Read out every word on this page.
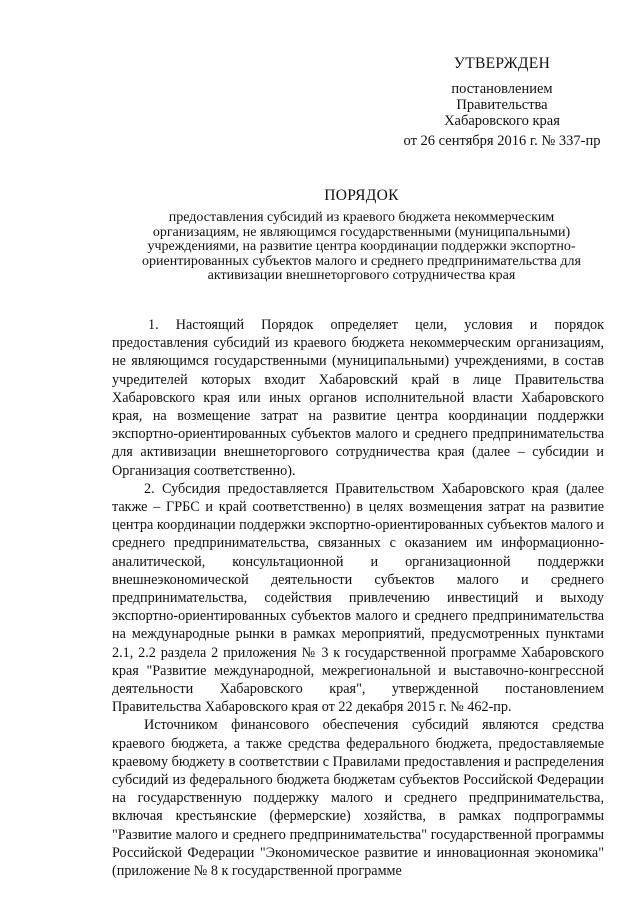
УТВЕРЖДЕН
постановлением
Правительства
Хабаровского края
от 26 сентября 2016 г. № 337-пр
ПОРЯДОК
предоставления субсидий из краевого бюджета некоммерческим организациям, не являющимся государственными (муниципальными) учреждениями, на развитие центра координации поддержки экспортно-ориентированных субъектов малого и среднего предпринимательства для активизации внешнеторгового сотрудничества края

1. Настоящий Порядок определяет цели, условия и порядок предоставления субсидий из краевого бюджета некоммерческим организациям, не являющимся государственными (муниципальными) учреждениями, в состав учредителей которых входит Хабаровский край в лице Правительства Хабаровского края или иных органов исполнительной власти Хабаровского края, на возмещение затрат на развитие центра координации поддержки экспортно-ориентированных субъектов малого и среднего предпринимательства для активизации внешнеторгового сотрудничества края (далее – субсидии и Организация соответственно).

2. Субсидия предоставляется Правительством Хабаровского края (далее также – ГРБС и край соответственно) в целях возмещения затрат на развитие центра координации поддержки экспортно-ориентированных субъектов малого и среднего предпринимательства, связанных с оказанием им информационно-аналитической, консультационной и организационной поддержки внешнеэкономической деятельности субъектов малого и среднего предпринимательства, содействия привлечению инвестиций и выходу экспортно-ориентированных субъектов малого и среднего предпринимательства на международные рынки в рамках мероприятий, предусмотренных пунктами 2.1, 2.2 раздела 2 приложения № 3 к государственной программе Хабаровского края "Развитие международной, межрегиональной и выставочно-конгрессной деятельности Хабаровского края", утвержденной постановлением Правительства Хабаровского края от 22 декабря 2015 г. № 462-пр.

Источником финансового обеспечения субсидий являются средства краевого бюджета, а также средства федерального бюджета, предоставляемые краевому бюджету в соответствии с Правилами предоставления и распределения субсидий из федерального бюджета бюджетам субъектов Российской Федерации на государственную поддержку малого и среднего предпринимательства, включая крестьянские (фермерские) хозяйства, в рамках подпрограммы "Развитие малого и среднего предпринимательства" государственной программы Российской Федерации "Экономическое развитие и инновационная экономика" (приложение № 8 к государственной программе
